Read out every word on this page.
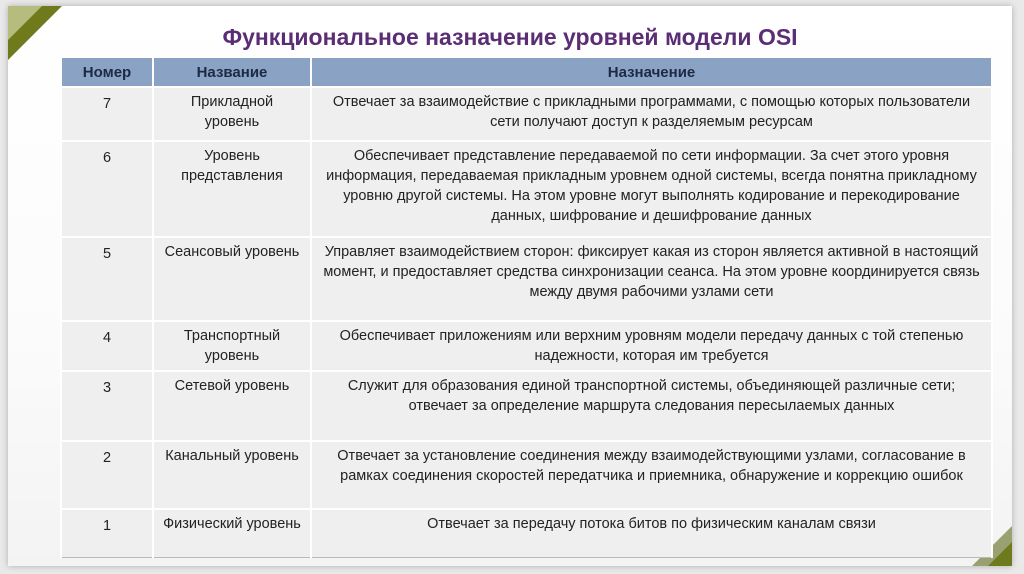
Функциональное назначение уровней модели OSI
Номер	Название	Назначение
7	Прикладной уровень	Отвечает за взаимодействие с прикладными программами, с помощью которых пользователи сети получают доступ к разделяемым ресурсам
6	Уровень представления	Обеспечивает представление передаваемой по сети информации. За счет этого уровня информация, передаваемая прикладным уровнем одной системы, всегда понятна прикладному уровню другой системы. На этом уровне могут выполнять кодирование и перекодирование данных, шифрование и дешифрование данных
5	Сеансовый уровень	Управляет взаимодействием сторон: фиксирует какая из сторон является активной в настоящий момент, и предоставляет средства синхронизации сеанса. На этом уровне координируется связь между двумя рабочими узлами сети
4	Транспортный уровень	Обеспечивает приложениям или верхним уровням модели передачу данных с той степенью надежности, которая им требуется
3	Сетевой уровень	Служит для образования единой транспортной системы, объединяющей различные сети; отвечает за определение маршрута следования пересылаемых данных
2	Канальный уровень	Отвечает за установление соединения между взаимодействующими узлами, согласование в рамках соединения скоростей передатчика и приемника, обнаружение и коррекцию ошибок
1	Физический уровень	Отвечает за передачу потока битов по физическим каналам связи
